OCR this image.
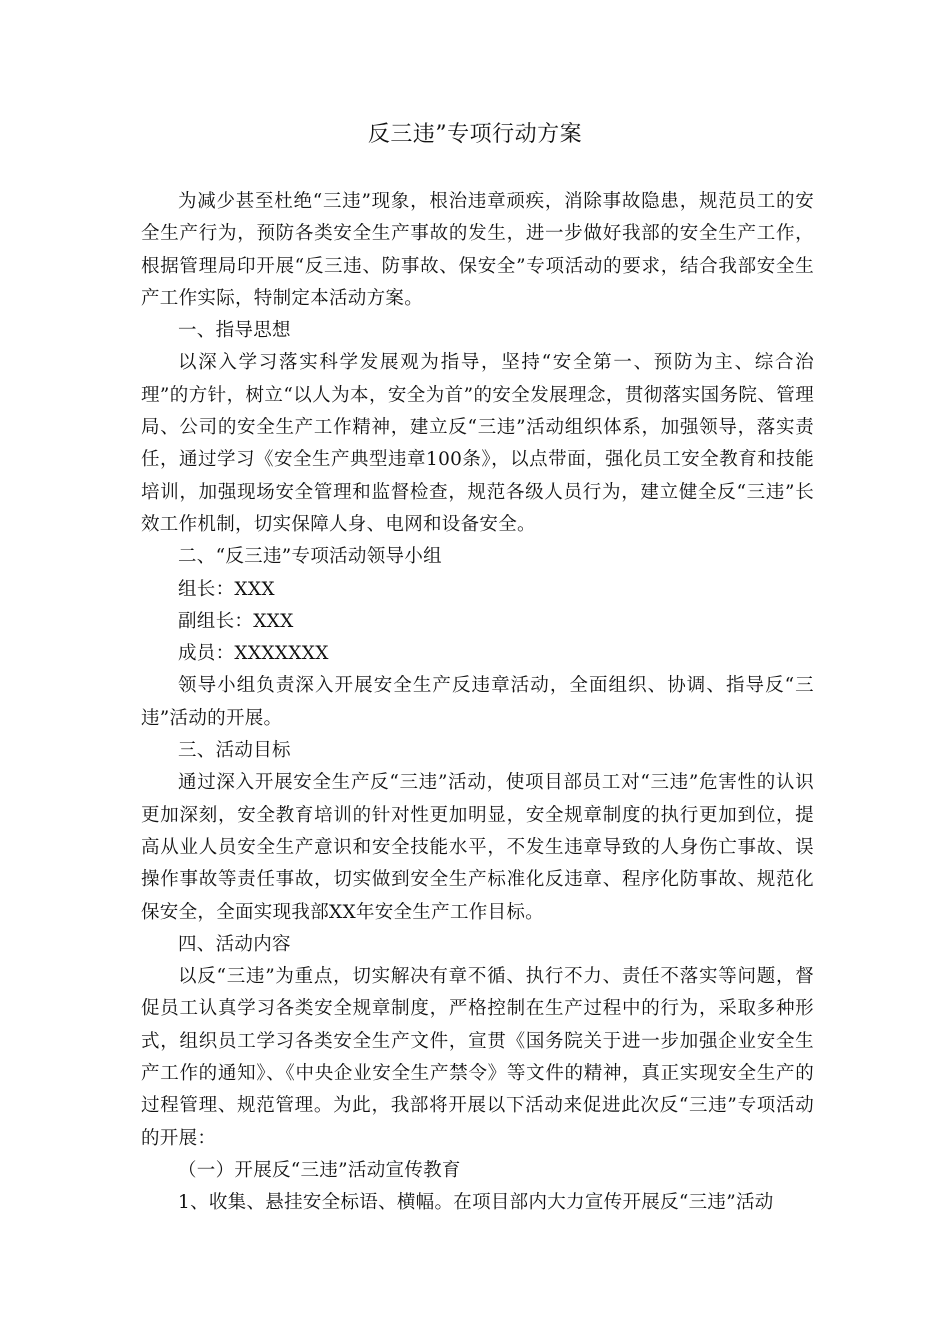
反三违”专项行动方案

为减少甚至杜绝“三违”现象，根治违章顽疾，消除事故隐患，规范员工的安全生产行为，预防各类安全生产事故的发生，进一步做好我部的安全生产工作，根据管理局印开展“反三违、防事故、保安全”专项活动的要求，结合我部安全生产工作实际，特制定本活动方案。

一、指导思想

以深入学习落实科学发展观为指导，坚持“安全第一、预防为主、综合治理”的方针，树立“以人为本，安全为首”的安全发展理念，贯彻落实国务院、管理局、公司的安全生产工作精神，建立反“三违”活动组织体系，加强领导，落实责任，通过学习《安全生产典型违章100条》，以点带面，强化员工安全教育和技能培训，加强现场安全管理和监督检查，规范各级人员行为，建立健全反“三违”长效工作机制，切实保障人身、电网和设备安全。

二、“反三违”专项活动领导小组

组长：XXX

副组长：XXX

成员：XXXXXXX

领导小组负责深入开展安全生产反违章活动，全面组织、协调、指导反“三违”活动的开展。

三、活动目标

通过深入开展安全生产反“三违”活动，使项目部员工对“三违”危害性的认识更加深刻，安全教育培训的针对性更加明显，安全规章制度的执行更加到位，提高从业人员安全生产意识和安全技能水平，不发生违章导致的人身伤亡事故、误操作事故等责任事故，切实做到安全生产标准化反违章、程序化防事故、规范化保安全，全面实现我部XX年安全生产工作目标。

四、活动内容

以反“三违”为重点，切实解决有章不循、执行不力、责任不落实等问题，督促员工认真学习各类安全规章制度，严格控制在生产过程中的行为，采取多种形式，组织员工学习各类安全生产文件，宣贯《国务院关于进一步加强企业安全生产工作的通知》、《中央企业安全生产禁令》等文件的精神，真正实现安全生产的过程管理、规范管理。为此，我部将开展以下活动来促进此次反“三违”专项活动的开展：

（一）开展反“三违”活动宣传教育

1、收集、悬挂安全标语、横幅。在项目部内大力宣传开展反“三违”活动
